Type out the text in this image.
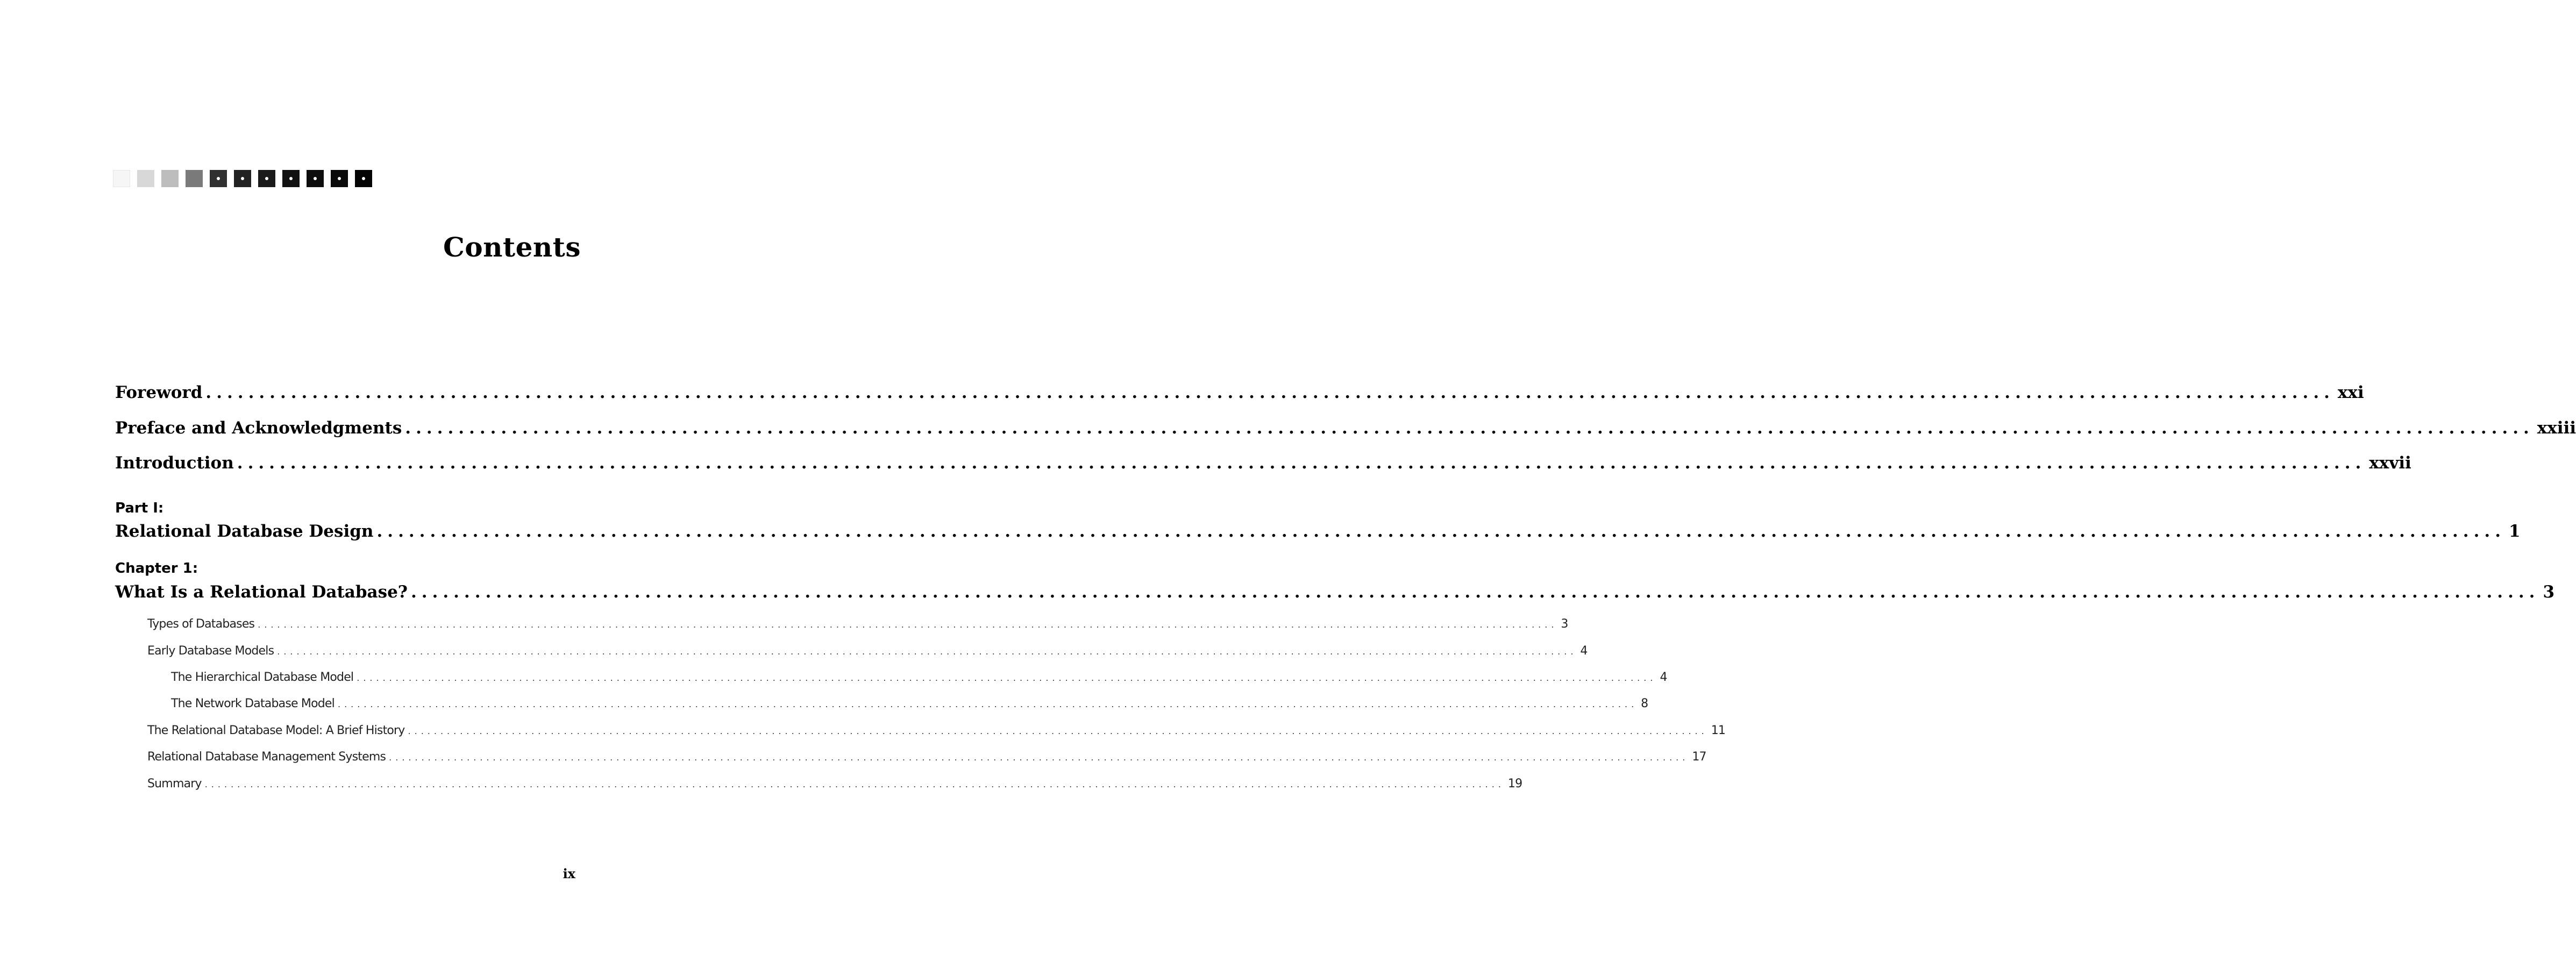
Contents
Foreword ........................................................................................................................................................................................................ xxi
Preface and Acknowledgments ........................................................................................................................................................................................................ xxiii
Introduction ........................................................................................................................................................................................................ xxvii
Part I:
Relational Database Design ........................................................................................................................................................................................................ 1
Chapter 1:
What Is a Relational Database? ........................................................................................................................................................................................................ 3
Types of Databases ........................................................................................................................................................................................................ 3
Early Database Models ........................................................................................................................................................................................................ 4
The Hierarchical Database Model ........................................................................................................................................................................................................ 4
The Network Database Model ........................................................................................................................................................................................................ 8
The Relational Database Model: A Brief History ........................................................................................................................................................................................................ 11
Relational Database Management Systems ........................................................................................................................................................................................................ 17
Summary ........................................................................................................................................................................................................ 19
ix
